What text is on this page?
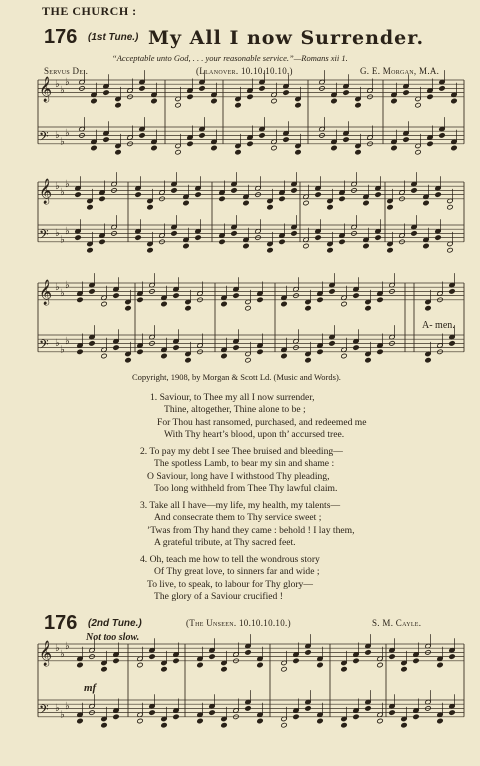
THE CHURCH :
176 (1st Tune.) My All I now Surrender.
“Acceptable unto God, . . . your reasonable service.”—Romans xii 1.
Servus Dei.	(Llanover. 10.10.10.10.)	G. E. Morgan, M.A.
𝄞 ♭
♭
♭
𝄢 ♭
♭
♭
𝄞 ♭
♭
♭
𝄢 ♭
♭
♭
𝄞 ♭
♭
♭
𝄢 ♭
♭
♭
𝄞 ♭
♭
♭
𝄢 ♭
♭
♭
A- men.
Copyright, 1908, by Morgan & Scott Ld. (Music and Words).
1. Saviour, to Thee my all I now surrender,
Thine, altogether, Thine alone to be ;
For Thou hast ransomed, purchased, and redeemed me
With Thy heart’s blood, upon th’ accursed tree.
2. To pay my debt I see Thee bruised and bleeding—
The spotless Lamb, to bear my sin and shame :
O Saviour, long have I withstood Thy pleading,
Too long withheld from Thee Thy lawful claim.
3. Take all I have—my life, my health, my talents—
And consecrate them to Thy service sweet ;
’Twas from Thy hand they came : behold ! I lay them,
A grateful tribute, at Thy sacred feet.
4. Oh, teach me how to tell the wondrous story
Of Thy great love, to sinners far and wide ;
To live, to speak, to labour for Thy glory—
The glory of a Saviour crucified !
176 (2nd Tune.)	(The Unseen. 10.10.10.10.)	S. M. Cayle.
Not too slow.
mf
